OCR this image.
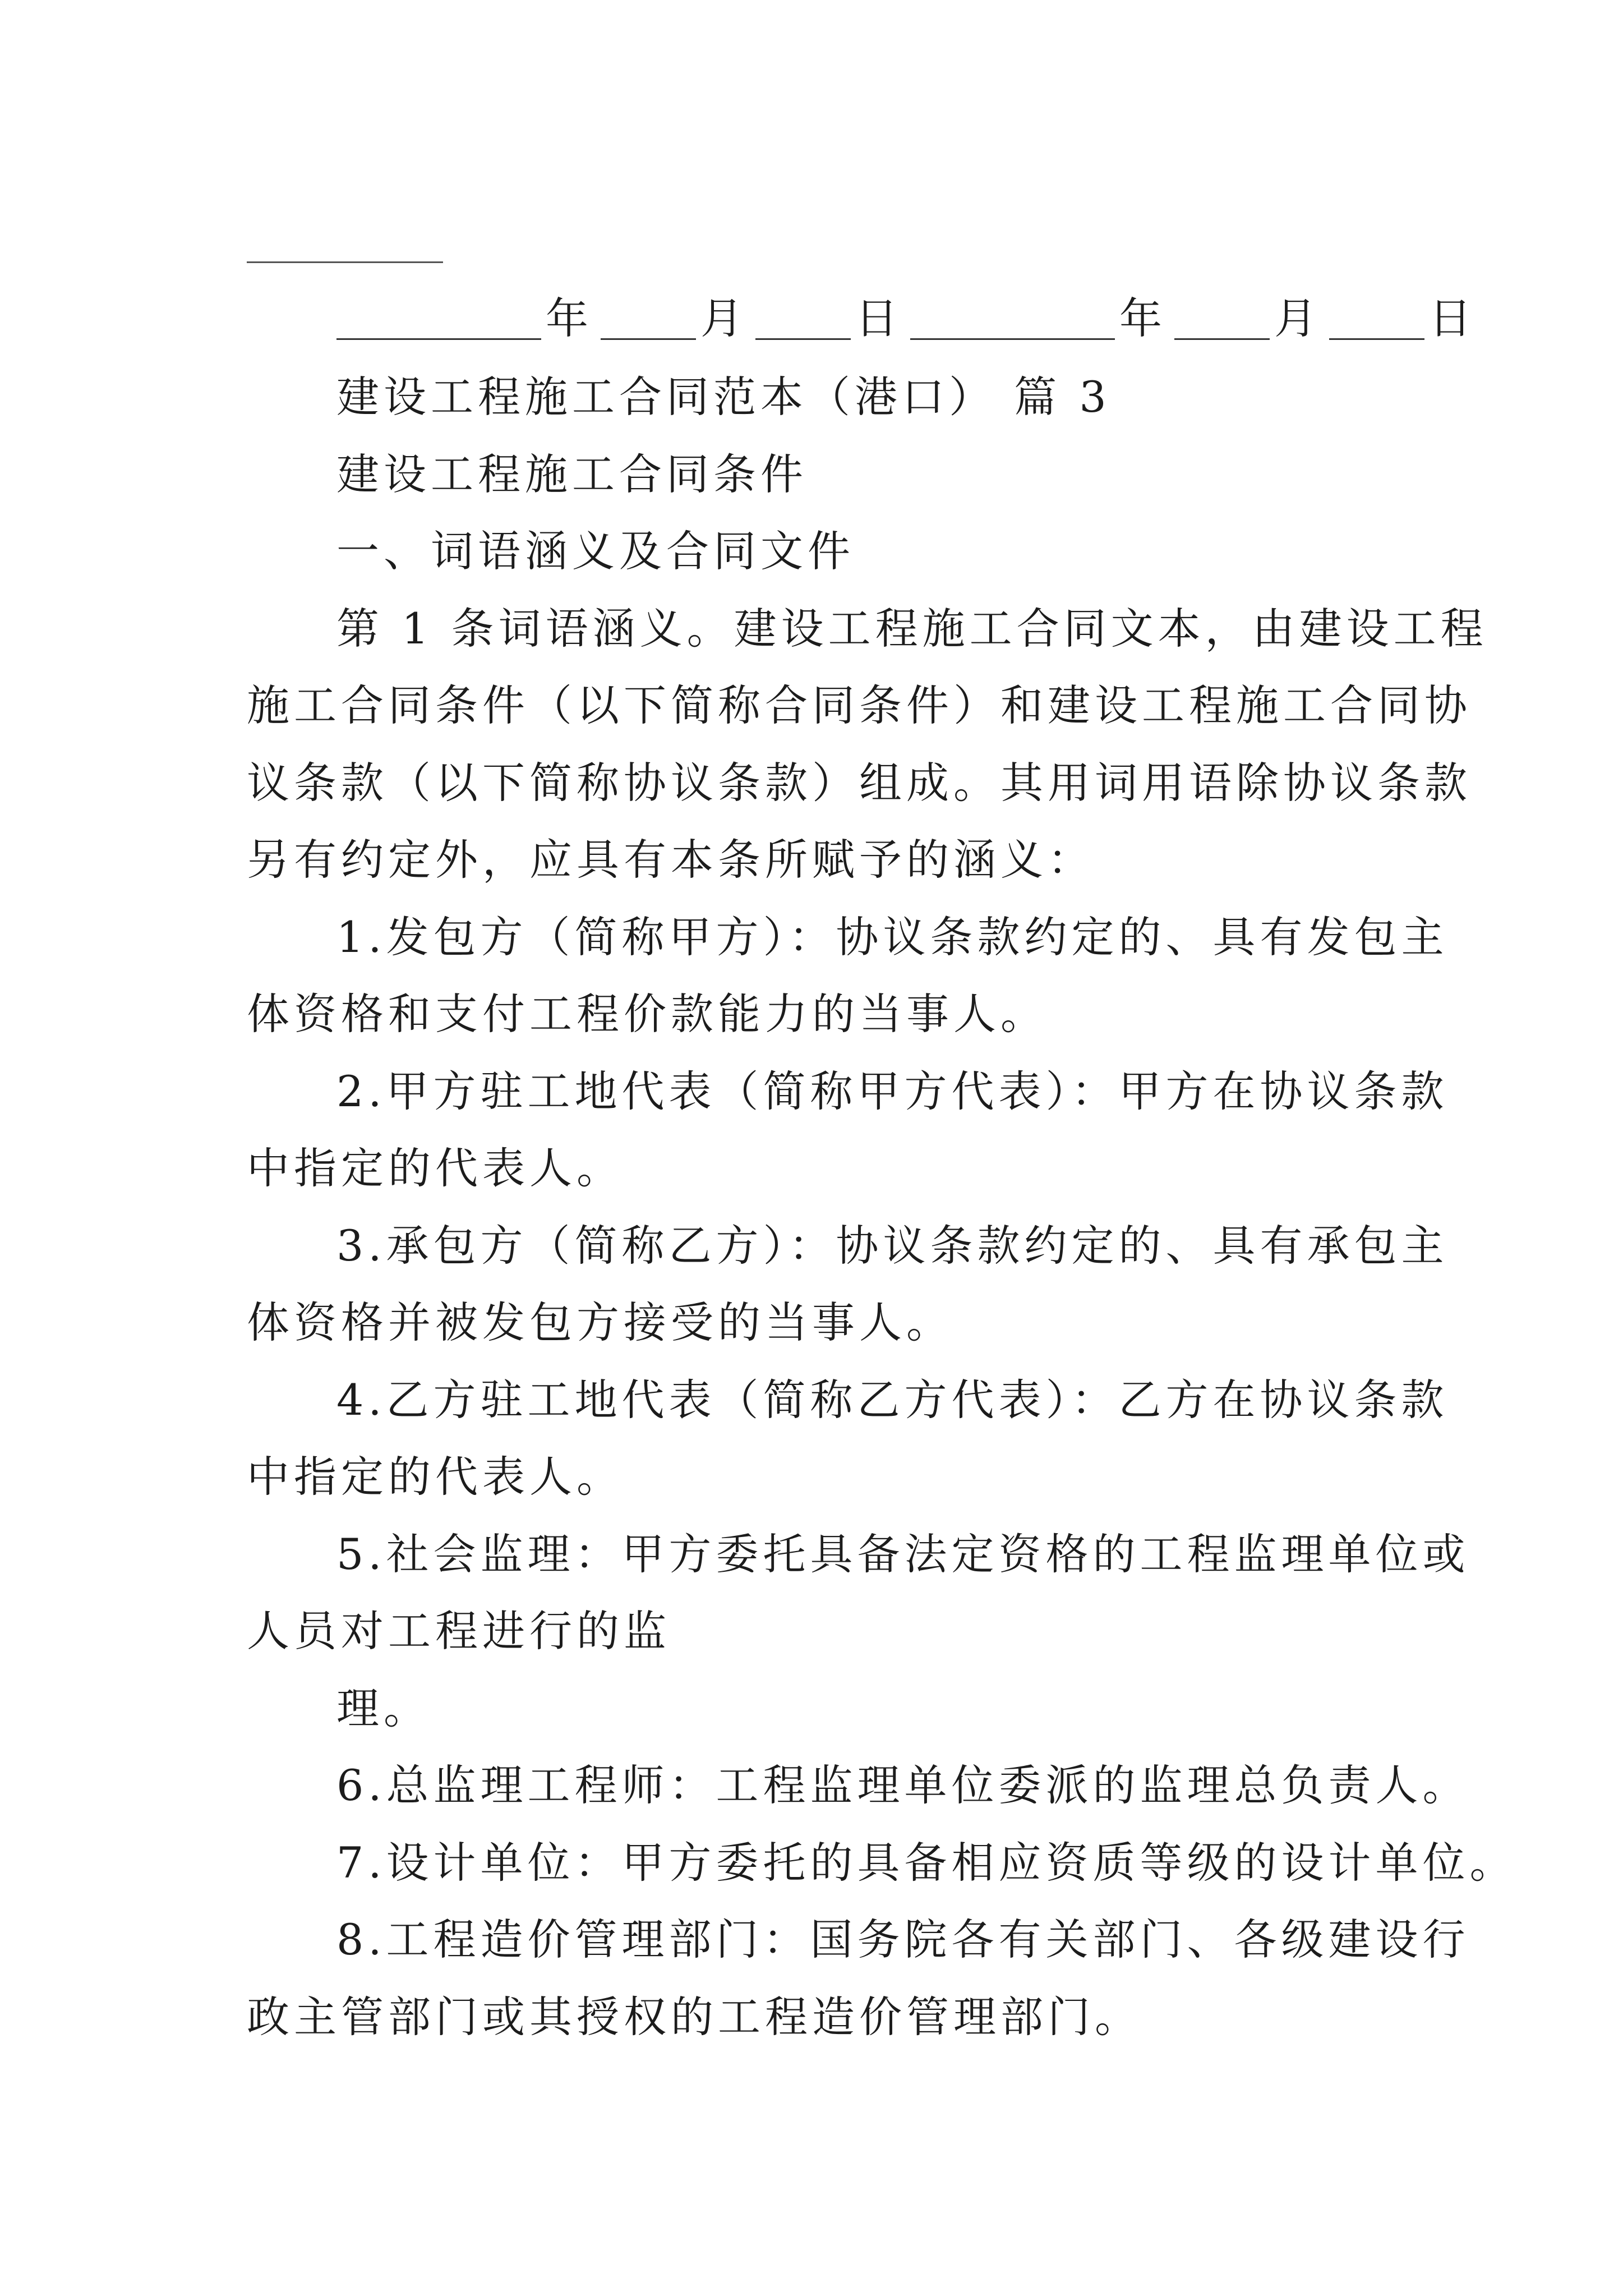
年	月	日	年	月	日
建设工程施工合同范本（港口） 篇 3
建设工程施工合同条件
一、词语涵义及合同文件
第 1 条词语涵义。建设工程施工合同文本，由建设工程
施工合同条件（以下简称合同条件）和建设工程施工合同协
议条款（以下简称协议条款）组成。其用词用语除协议条款
另有约定外，应具有本条所赋予的涵义：
1.发包方（简称甲方）：协议条款约定的、具有发包主
体资格和支付工程价款能力的当事人。
2.甲方驻工地代表（简称甲方代表）：甲方在协议条款
中指定的代表人。
3.承包方（简称乙方）：协议条款约定的、具有承包主
体资格并被发包方接受的当事人。
4.乙方驻工地代表（简称乙方代表）：乙方在协议条款
中指定的代表人。
5.社会监理：甲方委托具备法定资格的工程监理单位或
人员对工程进行的监
理。
6.总监理工程师：工程监理单位委派的监理总负责人。
7.设计单位：甲方委托的具备相应资质等级的设计单位。
8.工程造价管理部门：国务院各有关部门、各级建设行
政主管部门或其授权的工程造价管理部门。
